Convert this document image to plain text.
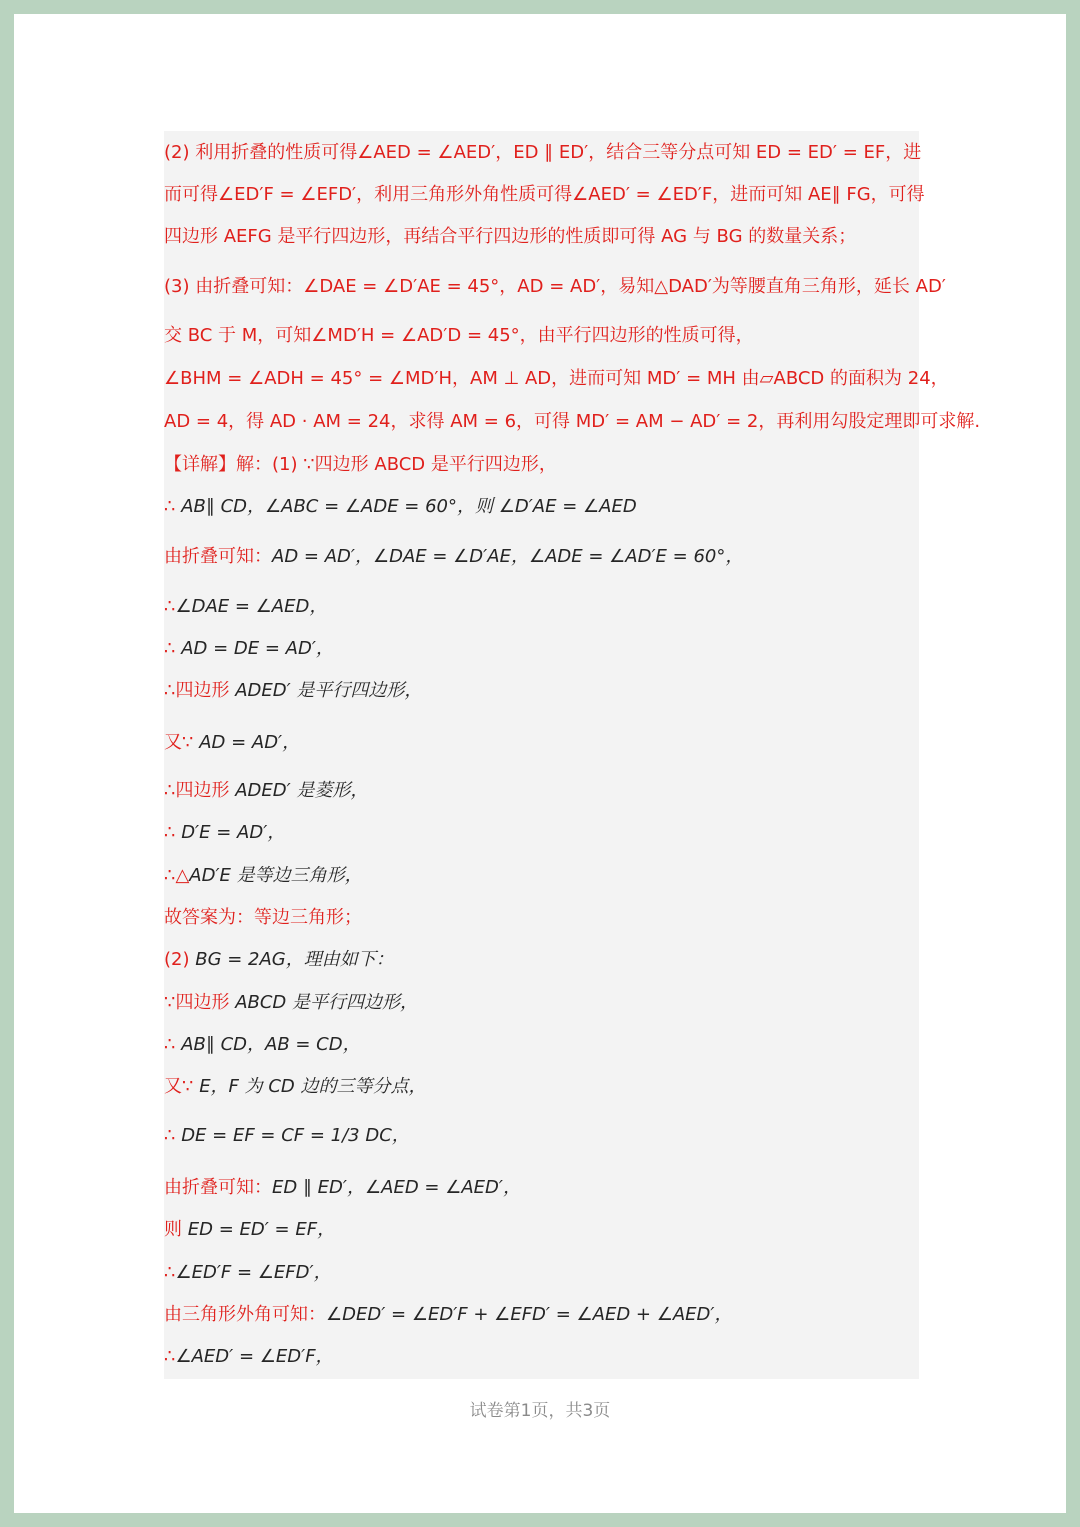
(2) 利用折叠的性质可得∠AED = ∠AED′，ED ∥ ED′，结合三等分点可知 ED = ED′ = EF，进
而可得∠ED′F = ∠EFD′，利用三角形外角性质可得∠AED′ = ∠ED′F，进而可知 AE∥ FG，可得
四边形 AEFG 是平行四边形，再结合平行四边形的性质即可得 AG 与 BG 的数量关系；
(3) 由折叠可知：∠DAE = ∠D′AE = 45°，AD = AD′，易知△DAD′为等腰直角三角形，延长 AD′
交 BC 于 M，可知∠MD′H = ∠AD′D = 45°，由平行四边形的性质可得，
∠BHM = ∠ADH = 45° = ∠MD′H，AM ⊥ AD，进而可知 MD′ = MH 由▱ABCD 的面积为 24，
AD = 4，得 AD · AM = 24，求得 AM = 6，可得 MD′ = AM − AD′ = 2，再利用勾股定理即可求解.
【详解】解：(1) ∵四边形 ABCD 是平行四边形，
∴ AB∥ CD，∠ABC = ∠ADE = 60°，则 ∠D′AE = ∠AED
由折叠可知：AD = AD′，∠DAE = ∠D′AE，∠ADE = ∠AD′E = 60°，
∴∠DAE = ∠AED，
∴ AD = DE = AD′，
∴四边形 ADED′ 是平行四边形，
又∵ AD = AD′，
∴四边形 ADED′ 是菱形，
∴ D′E = AD′，
∴△AD′E 是等边三角形，
故答案为：等边三角形；
(2) BG = 2AG，理由如下：
∵四边形 ABCD 是平行四边形，
∴ AB∥ CD，AB = CD，
又∵ E，F 为 CD 边的三等分点，
∴ DE = EF = CF = 1/3 DC，
由折叠可知：ED ∥ ED′，∠AED = ∠AED′，
则 ED = ED′ = EF，
∴∠ED′F = ∠EFD′，
由三角形外角可知：∠DED′ = ∠ED′F + ∠EFD′ = ∠AED + ∠AED′，
∴∠AED′ = ∠ED′F，
试卷第1页，共3页
